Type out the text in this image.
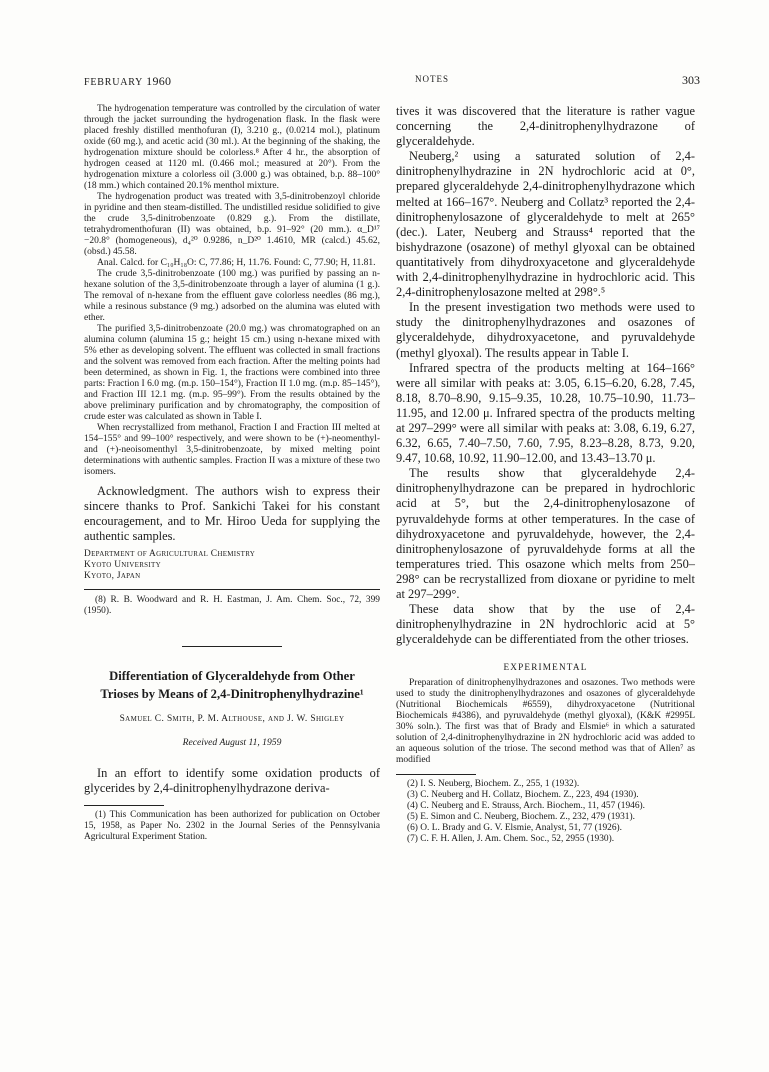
FEBRUARY 1960	NOTES	303

The hydrogenation temperature was controlled by the circulation of water through the jacket surrounding the hydrogenation flask. In the flask were placed freshly distilled menthofuran (I), 3.210 g., (0.0214 mol.), platinum oxide (60 mg.), and acetic acid (30 ml.). At the beginning of the shaking, the hydrogenation mixture should be colorless.⁸ After 4 hr., the absorption of hydrogen ceased at 1120 ml. (0.466 mol.; measured at 20°). From the hydrogenation mixture a colorless oil (3.000 g.) was obtained, b.p. 88–100° (18 mm.) which contained 20.1% menthol mixture.

The hydrogenation product was treated with 3,5-dinitrobenzoyl chloride in pyridine and then steam-distilled. The undistilled residue solidified to give the crude 3,5-dinitrobenzoate (0.829 g.). From the distillate, tetrahydromenthofuran (II) was obtained, b.p. 91–92° (20 mm.). α_D¹⁷ −20.8° (homogeneous), d₄²⁰ 0.9286, n_D²⁰ 1.4610, MR (calcd.) 45.62, (obsd.) 45.58.

Anal. Calcd. for C₁₀H₁₈O: C, 77.86; H, 11.76. Found: C, 77.90; H, 11.81.

The crude 3,5-dinitrobenzoate (100 mg.) was purified by passing an n-hexane solution of the 3,5-dinitrobenzoate through a layer of alumina (1 g.). The removal of n-hexane from the effluent gave colorless needles (86 mg.), while a resinous substance (9 mg.) adsorbed on the alumina was eluted with ether.

The purified 3,5-dinitrobenzoate (20.0 mg.) was chromatographed on an alumina column (alumina 15 g.; height 15 cm.) using n-hexane mixed with 5% ether as developing solvent. The effluent was collected in small fractions and the solvent was removed from each fraction. After the melting points had been determined, as shown in Fig. 1, the fractions were combined into three parts: Fraction I 6.0 mg. (m.p. 150–154°), Fraction II 1.0 mg. (m.p. 85–145°), and Fraction III 12.1 mg. (m.p. 95–99°). From the results obtained by the above preliminary purification and by chromatography, the composition of crude ester was calculated as shown in Table I.

When recrystallized from methanol, Fraction I and Fraction III melted at 154–155° and 99–100° respectively, and were shown to be (+)-neomenthyl- and (+)-neoisomenthyl 3,5-dinitrobenzoate, by mixed melting point determinations with authentic samples. Fraction II was a mixture of these two isomers.

Acknowledgment. The authors wish to express their sincere thanks to Prof. Sankichi Takei for his constant encouragement, and to Mr. Hiroo Ueda for supplying the authentic samples.

Department of Agricultural Chemistry
Kyoto University
Kyoto, Japan

(8) R. B. Woodward and R. H. Eastman, J. Am. Chem. Soc., 72, 399 (1950).

Differentiation of Glyceraldehyde from Other Trioses by Means of 2,4-Dinitrophenylhydrazine¹
Samuel C. Smith, P. M. Althouse, and J. W. Shigley
Received August 11, 1959

In an effort to identify some oxidation products of glycerides by 2,4-dinitrophenylhydrazone deriva-

(1) This Communication has been authorized for publication on October 15, 1958, as Paper No. 2302 in the Journal Series of the Pennsylvania Agricultural Experiment Station.

tives it was discovered that the literature is rather vague concerning the 2,4-dinitrophenylhydrazone of glyceraldehyde.

Neuberg,² using a saturated solution of 2,4-dinitrophenylhydrazine in 2N hydrochloric acid at 0°, prepared glyceraldehyde 2,4-dinitrophenylhydrazone which melted at 166–167°. Neuberg and Collatz³ reported the 2,4-dinitrophenylosazone of glyceraldehyde to melt at 265° (dec.). Later, Neuberg and Strauss⁴ reported that the bishydrazone (osazone) of methyl glyoxal can be obtained quantitatively from dihydroxyacetone and glyceraldehyde with 2,4-dinitrophenylhydrazine in hydrochloric acid. This 2,4-dinitrophenylosazone melted at 298°.⁵

In the present investigation two methods were used to study the dinitrophenylhydrazones and osazones of glyceraldehyde, dihydroxyacetone, and pyruvaldehyde (methyl glyoxal). The results appear in Table I.

Infrared spectra of the products melting at 164–166° were all similar with peaks at: 3.05, 6.15–6.20, 6.28, 7.45, 8.18, 8.70–8.90, 9.15–9.35, 10.28, 10.75–10.90, 11.73–11.95, and 12.00 μ. Infrared spectra of the products melting at 297–299° were all similar with peaks at: 3.08, 6.19, 6.27, 6.32, 6.65, 7.40–7.50, 7.60, 7.95, 8.23–8.28, 8.73, 9.20, 9.47, 10.68, 10.92, 11.90–12.00, and 13.43–13.70 μ.

The results show that glyceraldehyde 2,4-dinitrophenylhydrazone can be prepared in hydrochloric acid at 5°, but the 2,4-dinitrophenylosazone of pyruvaldehyde forms at other temperatures. In the case of dihydroxyacetone and pyruvaldehyde, however, the 2,4-dinitrophenylosazone of pyruvaldehyde forms at all the temperatures tried. This osazone which melts from 250–298° can be recrystallized from dioxane or pyridine to melt at 297–299°.

These data show that by the use of 2,4-dinitrophenylhydrazine in 2N hydrochloric acid at 5° glyceraldehyde can be differentiated from the other trioses.

EXPERIMENTAL

Preparation of dinitrophenylhydrazones and osazones. Two methods were used to study the dinitrophenylhydrazones and osazones of glyceraldehyde (Nutritional Biochemicals #6559), dihydroxyacetone (Nutritional Biochemicals #4386), and pyruvaldehyde (methyl glyoxal), (K&K #2995L 30% soln.). The first was that of Brady and Elsmie⁶ in which a saturated solution of 2,4-dinitrophenylhydrazine in 2N hydrochloric acid was added to an aqueous solution of the triose. The second method was that of Allen⁷ as modified

(2) I. S. Neuberg, Biochem. Z., 255, 1 (1932).

(3) C. Neuberg and H. Collatz, Biochem. Z., 223, 494 (1930).

(4) C. Neuberg and E. Strauss, Arch. Biochem., 11, 457 (1946).

(5) E. Simon and C. Neuberg, Biochem. Z., 232, 479 (1931).

(6) O. L. Brady and G. V. Elsmie, Analyst, 51, 77 (1926).

(7) C. F. H. Allen, J. Am. Chem. Soc., 52, 2955 (1930).
